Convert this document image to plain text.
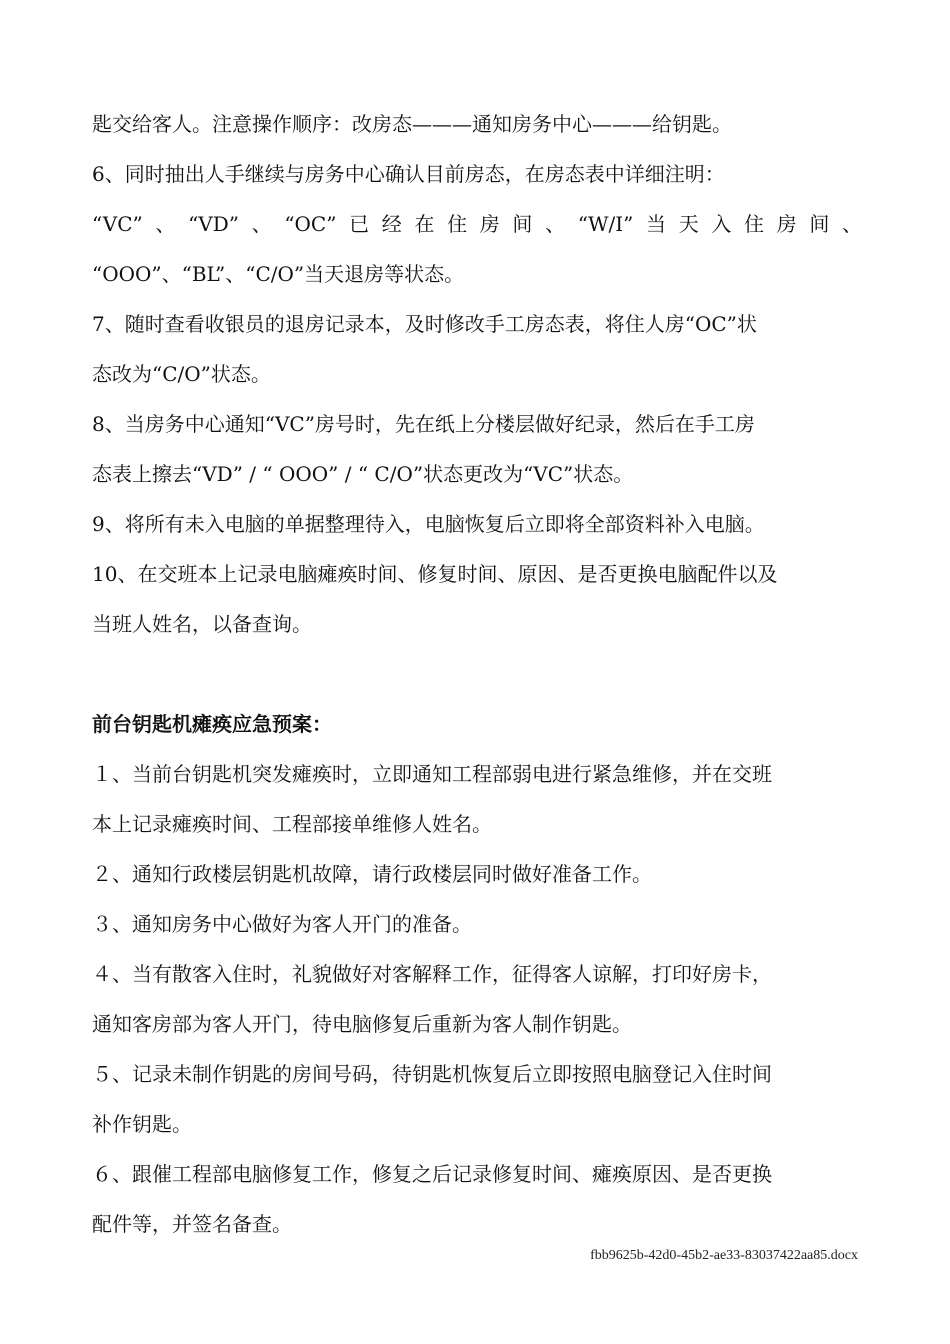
匙交给客人。注意操作顺序：改房态———通知房务中心———给钥匙。
6、同时抽出人手继续与房务中心确认目前房态，在房态表中详细注明：
“VC”、“VD”、“OC”已经在住房间、“W/I”当天入住房间、
“OOO”、“BL”、“C/O”当天退房等状态。
7、随时查看收银员的退房记录本，及时修改手工房态表，将住人房“OC”状
态改为“C/O”状态。
8、当房务中心通知“VC”房号时，先在纸上分楼层做好纪录，然后在手工房
态表上擦去“VD” / “ OOO” / “ C/O”状态更改为“VC”状态。
9、将所有未入电脑的单据整理待入，电脑恢复后立即将全部资料补入电脑。
10、在交班本上记录电脑瘫痪时间、修复时间、原因、是否更换电脑配件以及
当班人姓名，以备查询。
前台钥匙机瘫痪应急预案：
１、当前台钥匙机突发瘫痪时，立即通知工程部弱电进行紧急维修，并在交班
本上记录瘫痪时间、工程部接单维修人姓名。
２、通知行政楼层钥匙机故障，请行政楼层同时做好准备工作。
３、通知房务中心做好为客人开门的准备。
４、当有散客入住时，礼貌做好对客解释工作，征得客人谅解，打印好房卡，
通知客房部为客人开门，待电脑修复后重新为客人制作钥匙。
５、记录未制作钥匙的房间号码，待钥匙机恢复后立即按照电脑登记入住时间
补作钥匙。
６、跟催工程部电脑修复工作，修复之后记录修复时间、瘫痪原因、是否更换
配件等，并签名备查。
fbb9625b-42d0-45b2-ae33-83037422aa85.docx
